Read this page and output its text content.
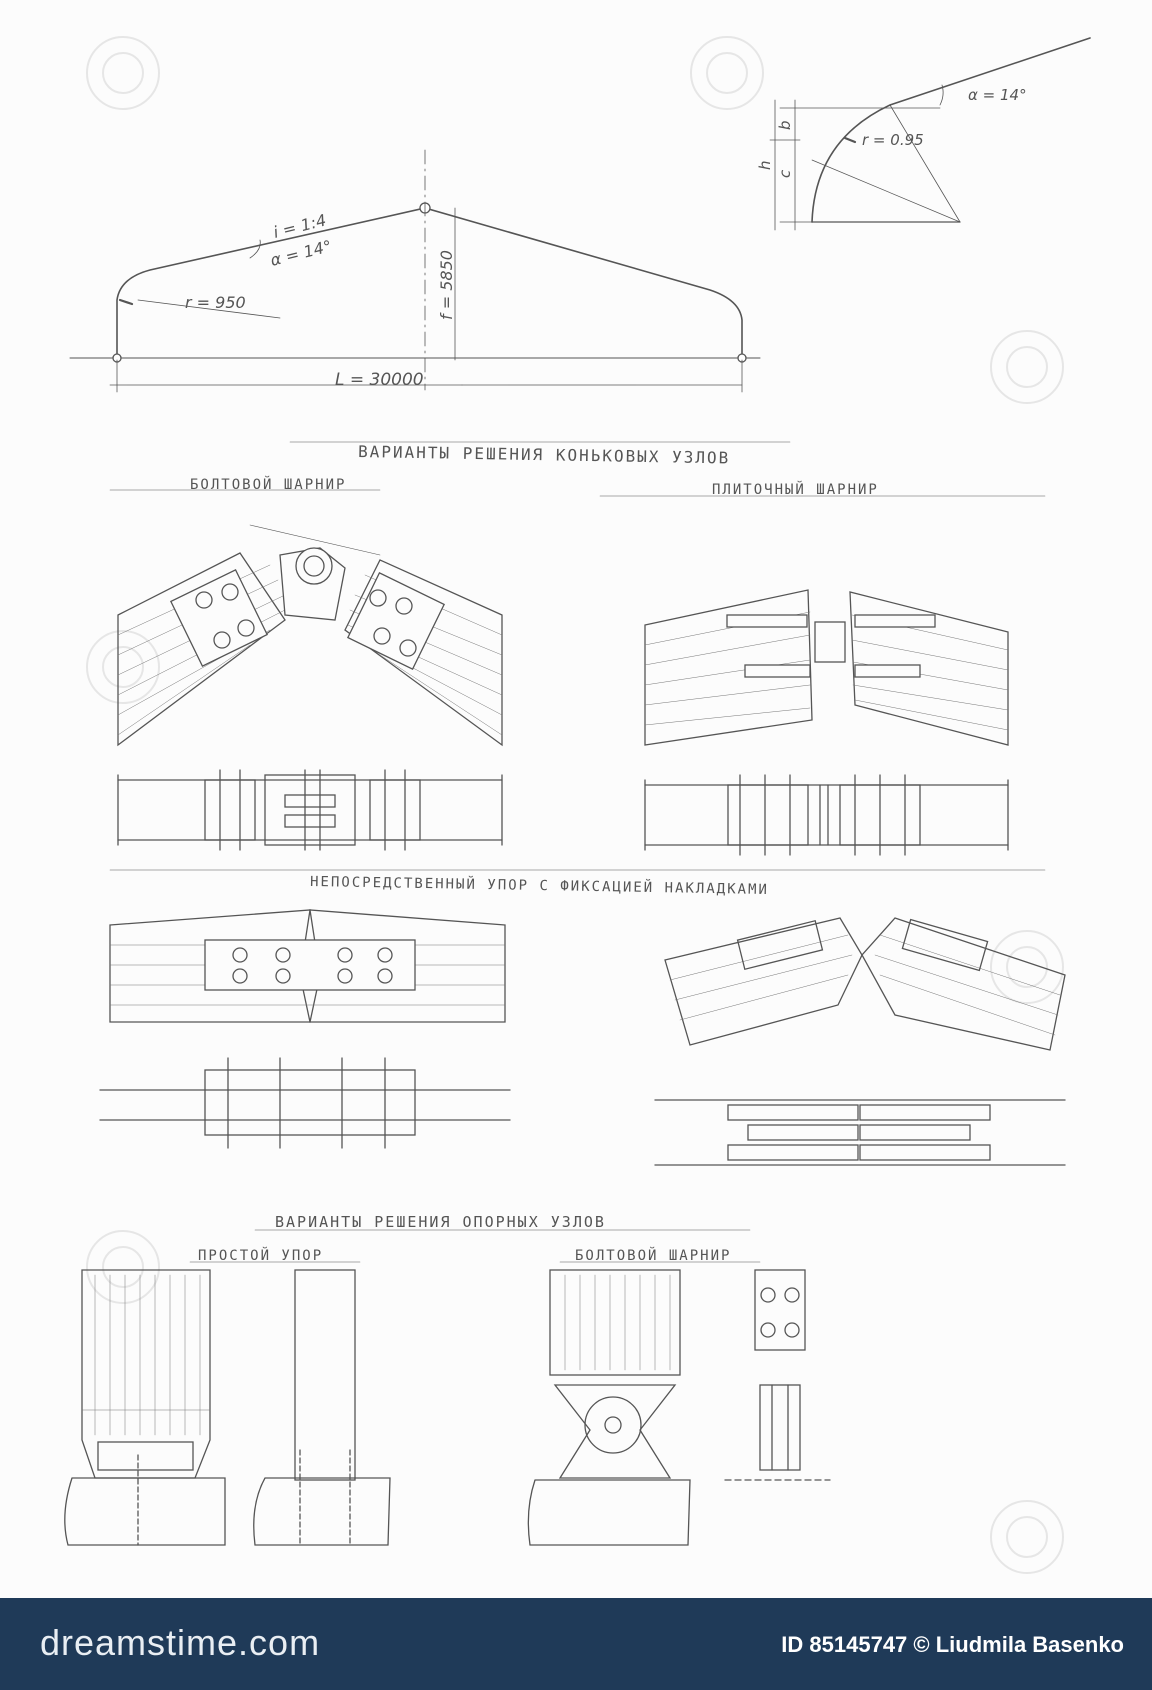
i = 1:4
α = 14°
r = 950	f = 5850
L = 30000
α = 14°
r = 0.95
c
b
h
ВАРИАНТЫ РЕШЕНИЯ КОНЬКОВЫХ УЗЛОВ
БОЛТОВОЙ ШАРНИР	ПЛИТОЧНЫЙ ШАРНИР
НЕПОСРЕДСТВЕННЫЙ УПОР С ФИКСАЦИЕЙ НАКЛАДКАМИ
ВАРИАНТЫ РЕШЕНИЯ ОПОРНЫХ УЗЛОВ
ПРОСТОЙ УПОР	БОЛТОВОЙ ШАРНИР
dreamstime.com	ID 85145747 © Liudmila Basenko
